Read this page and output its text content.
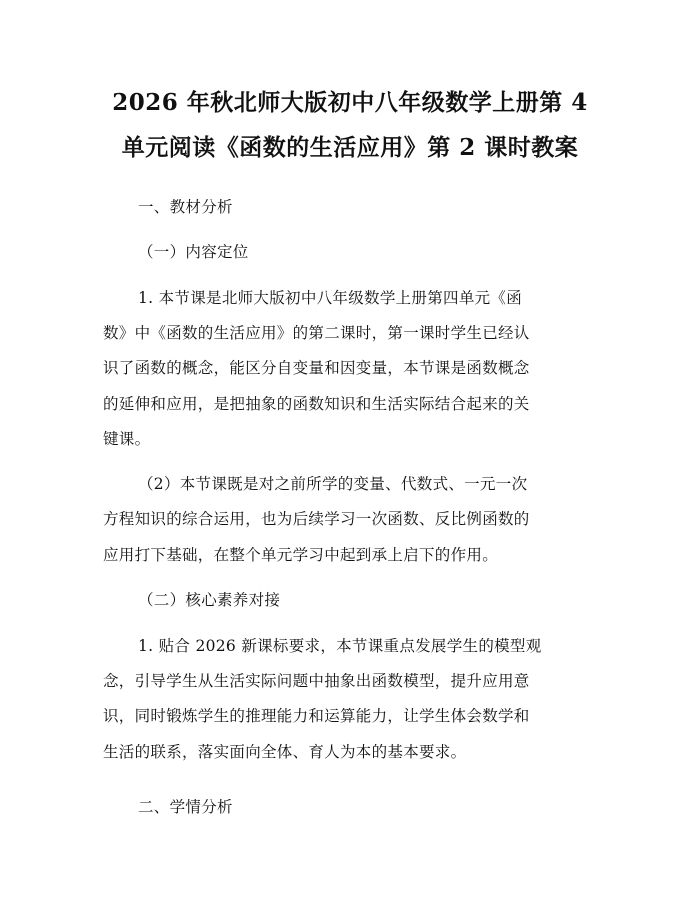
2026 年秋北师大版初中八年级数学上册第 4
单元阅读《函数的生活应用》第 2 课时教案
一、教材分析
（一）内容定位
1. 本节课是北师大版初中八年级数学上册第四单元《函
数》中《函数的生活应用》的第二课时，第一课时学生已经认
识了函数的概念，能区分自变量和因变量，本节课是函数概念
的延伸和应用，是把抽象的函数知识和生活实际结合起来的关
键课。
（2）本节课既是对之前所学的变量、代数式、一元一次
方程知识的综合运用，也为后续学习一次函数、反比例函数的
应用打下基础，在整个单元学习中起到承上启下的作用。
（二）核心素养对接
1. 贴合 2026 新课标要求，本节课重点发展学生的模型观
念，引导学生从生活实际问题中抽象出函数模型，提升应用意
识，同时锻炼学生的推理能力和运算能力，让学生体会数学和
生活的联系，落实面向全体、育人为本的基本要求。
二、学情分析
